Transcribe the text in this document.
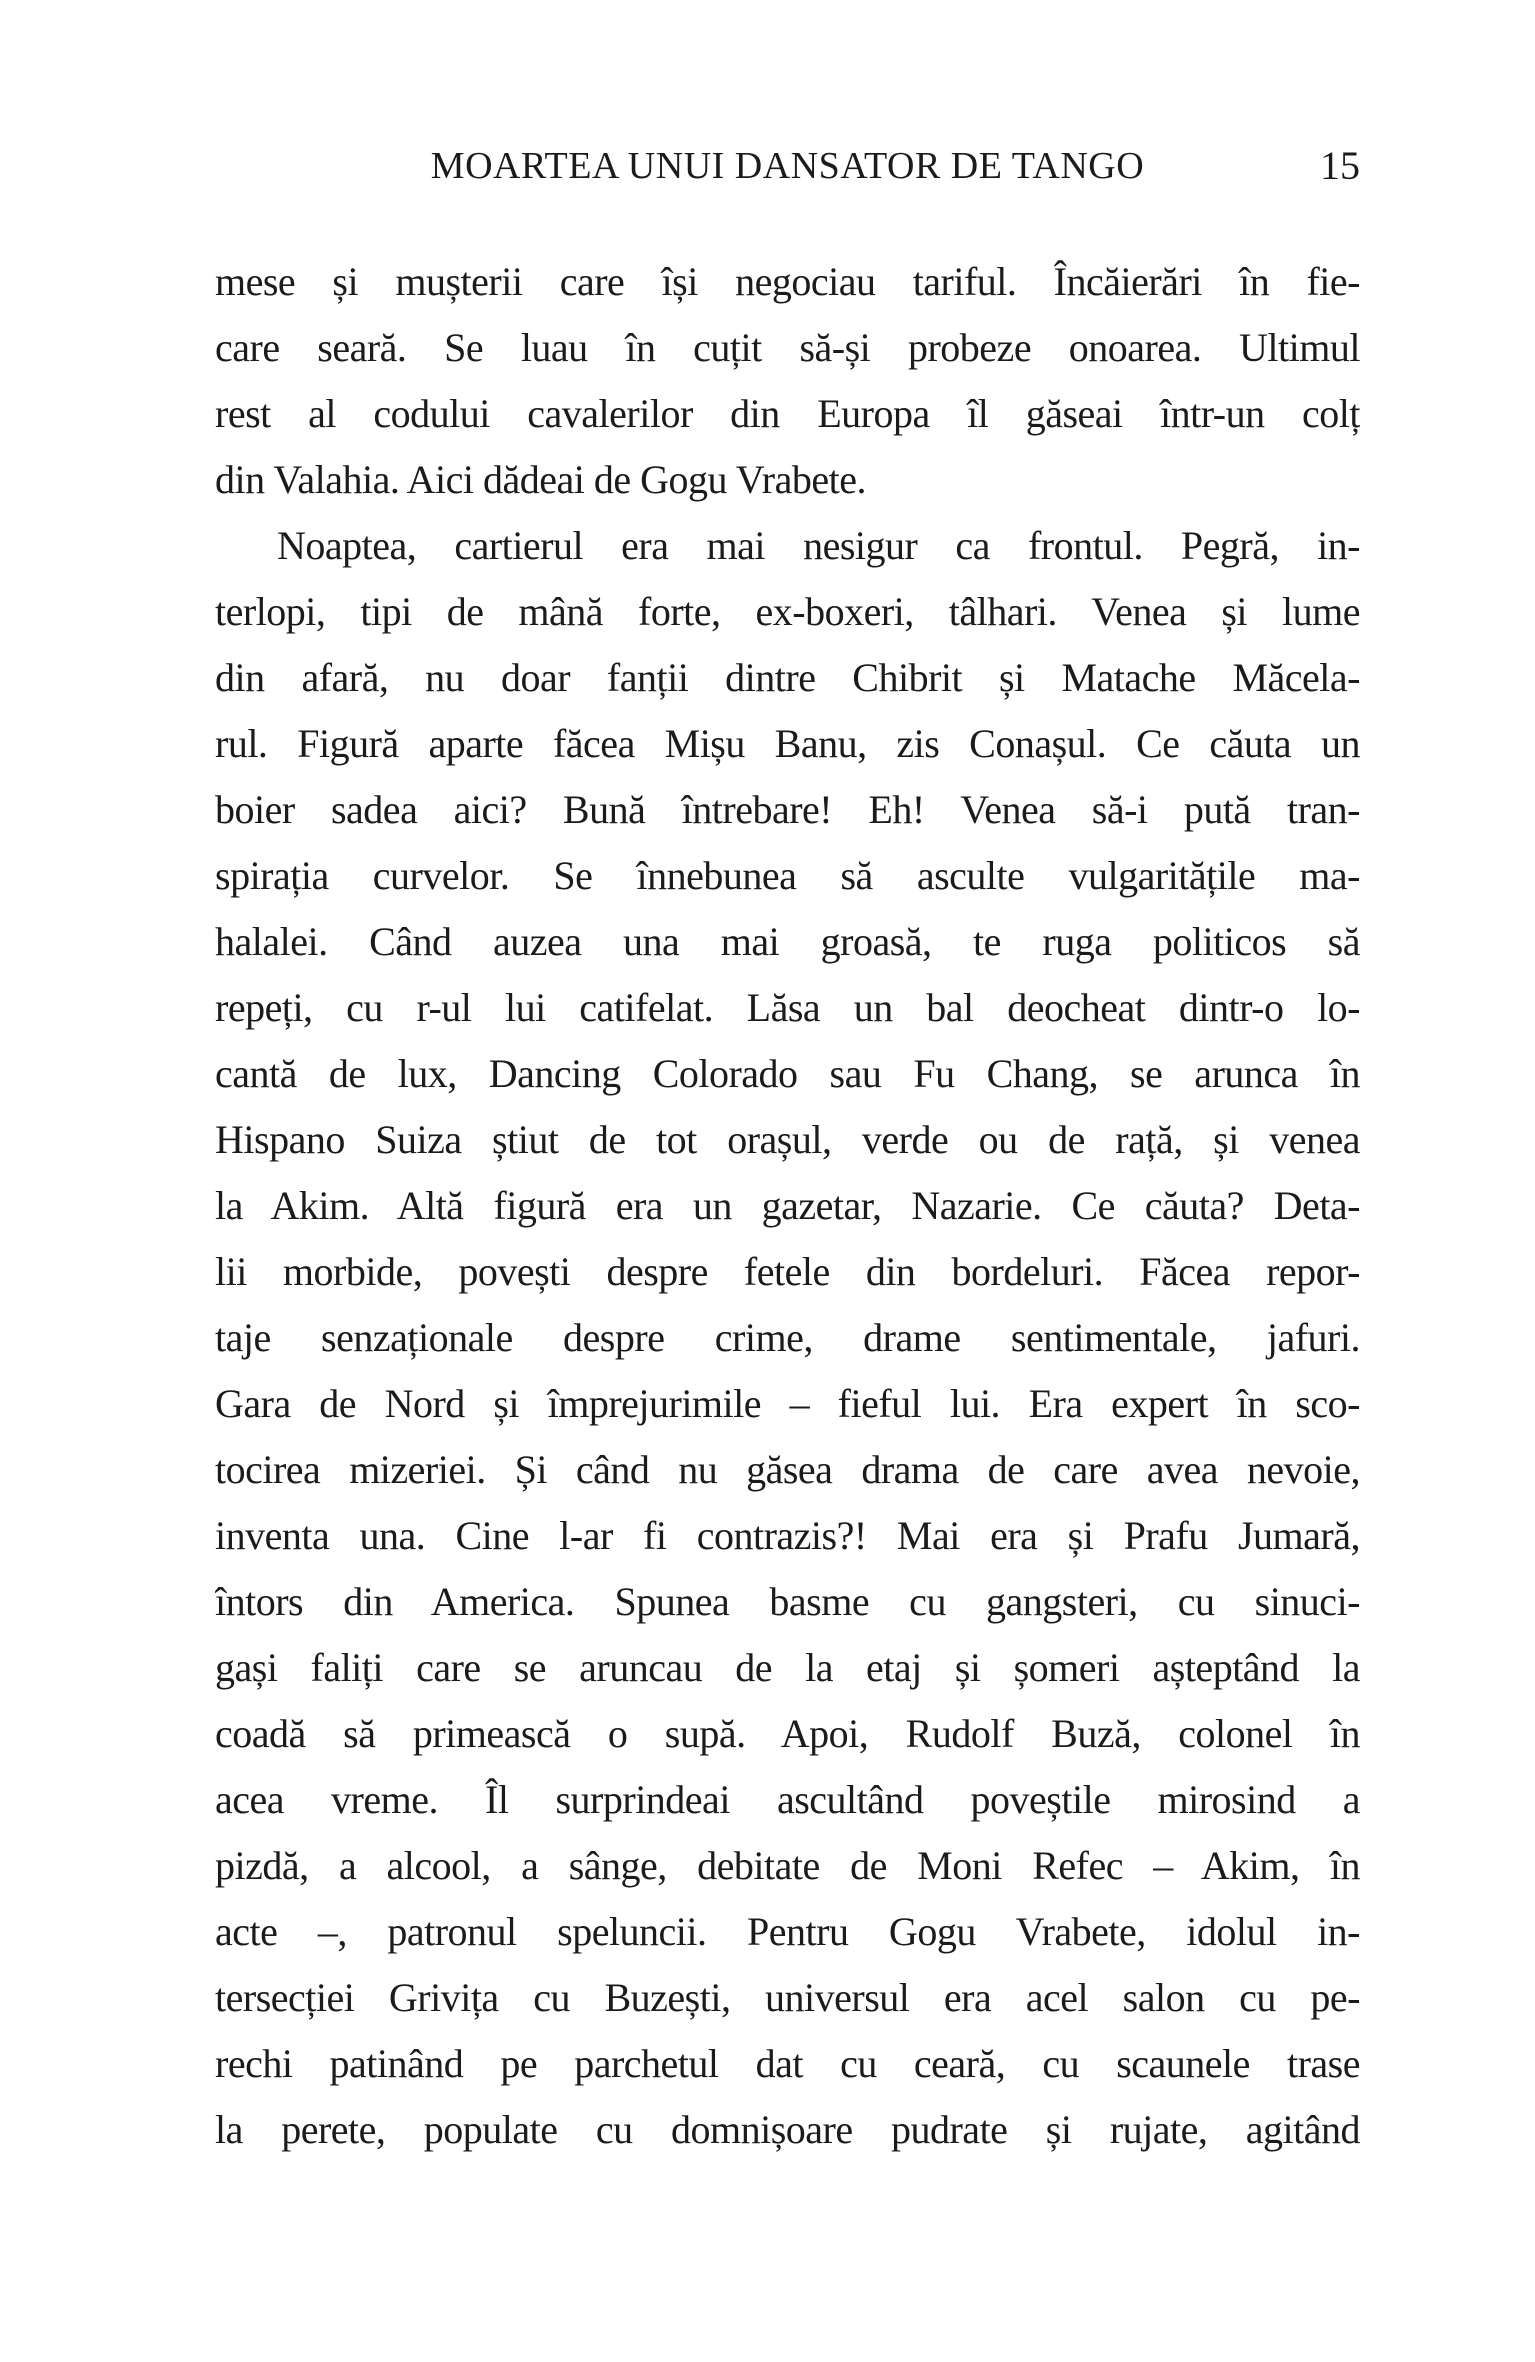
MOARTEA UNUI DANSATOR DE TANGO	15
mese și mușterii care își negociau tariful. Încăierări în fie-
care seară. Se luau în cuțit să-și probeze onoarea. Ultimul
rest al codului cavalerilor din Europa îl găseai într-un colț
din Valahia. Aici dădeai de Gogu Vrabete.
Noaptea, cartierul era mai nesigur ca frontul. Pegră, in-
terlopi, tipi de mână forte, ex-boxeri, tâlhari. Venea și lume
din afară, nu doar fanții dintre Chibrit și Matache Măcela-
rul. Figură aparte făcea Mișu Banu, zis Conașul. Ce căuta un
boier sadea aici? Bună întrebare! Eh! Venea să-i pută tran-
spirația curvelor. Se înnebunea să asculte vulgaritățile ma-
halalei. Când auzea una mai groasă, te ruga politicos să
repeți, cu r-ul lui catifelat. Lăsa un bal deocheat dintr-o lo-
cantă de lux, Dancing Colorado sau Fu Chang, se arunca în
Hispano Suiza știut de tot orașul, verde ou de rață, și venea
la Akim. Altă figură era un gazetar, Nazarie. Ce căuta? Deta-
lii morbide, povești despre fetele din bordeluri. Făcea repor-
taje senzaționale despre crime, drame sentimentale, jafuri.
Gara de Nord și împrejurimile – fieful lui. Era expert în sco-
tocirea mizeriei. Și când nu găsea drama de care avea nevoie,
inventa una. Cine l-ar fi contrazis?! Mai era și Prafu Jumară,
întors din America. Spunea basme cu gangsteri, cu sinuci-
gași faliți care se aruncau de la etaj și șomeri așteptând la
coadă să primească o supă. Apoi, Rudolf Buză, colonel în
acea vreme. Îl surprindeai ascultând poveștile mirosind a
pizdă, a alcool, a sânge, debitate de Moni Refec – Akim, în
acte –, patronul speluncii. Pentru Gogu Vrabete, idolul in-
tersecției Grivița cu Buzești, universul era acel salon cu pe-
rechi patinând pe parchetul dat cu ceară, cu scaunele trase
la perete, populate cu domnișoare pudrate și rujate, agitând
